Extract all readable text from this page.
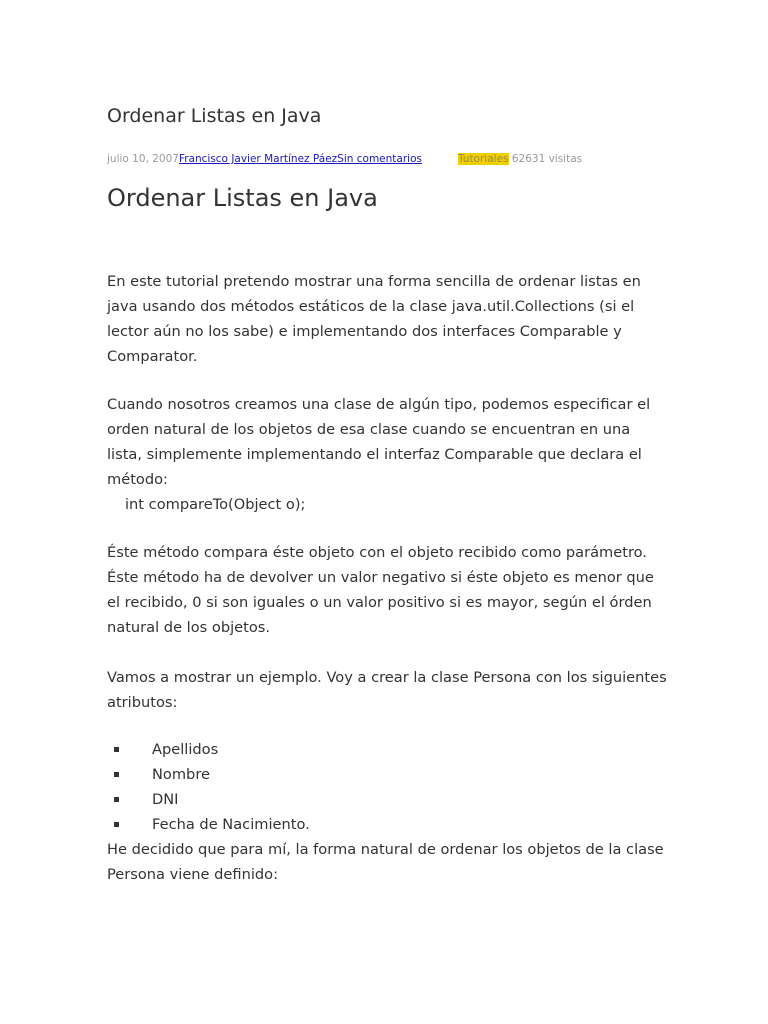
Ordenar Listas en Java
julio 10, 2007Francisco Javier Martínez PáezSin comentarios	Tutoriales 62631 visitas
Ordenar Listas en Java

En este tutorial pretendo mostrar una forma sencilla de ordenar listas en java usando dos métodos estáticos de la clase java.util.Collections (si el lector aún no los sabe) e implementando dos interfaces Comparable y Comparator.

Cuando nosotros creamos una clase de algún tipo, podemos especificar el orden natural de los objetos de esa clase cuando se encuentran en una lista, simplemente implementando el interfaz Comparable que declara el método:
int compareTo(Object o);

Éste método compara éste objeto con el objeto recibido como parámetro. Éste método ha de devolver un valor negativo si éste objeto es menor que el recibido, 0 si son iguales o un valor positivo si es mayor, según el órden natural de los objetos.

Vamos a mostrar un ejemplo. Voy a crear la clase Persona con los siguientes atributos:

Apellidos
Nombre
DNI
Fecha de Nacimiento.

He decidido que para mí, la forma natural de ordenar los objetos de la clase Persona viene definido:
